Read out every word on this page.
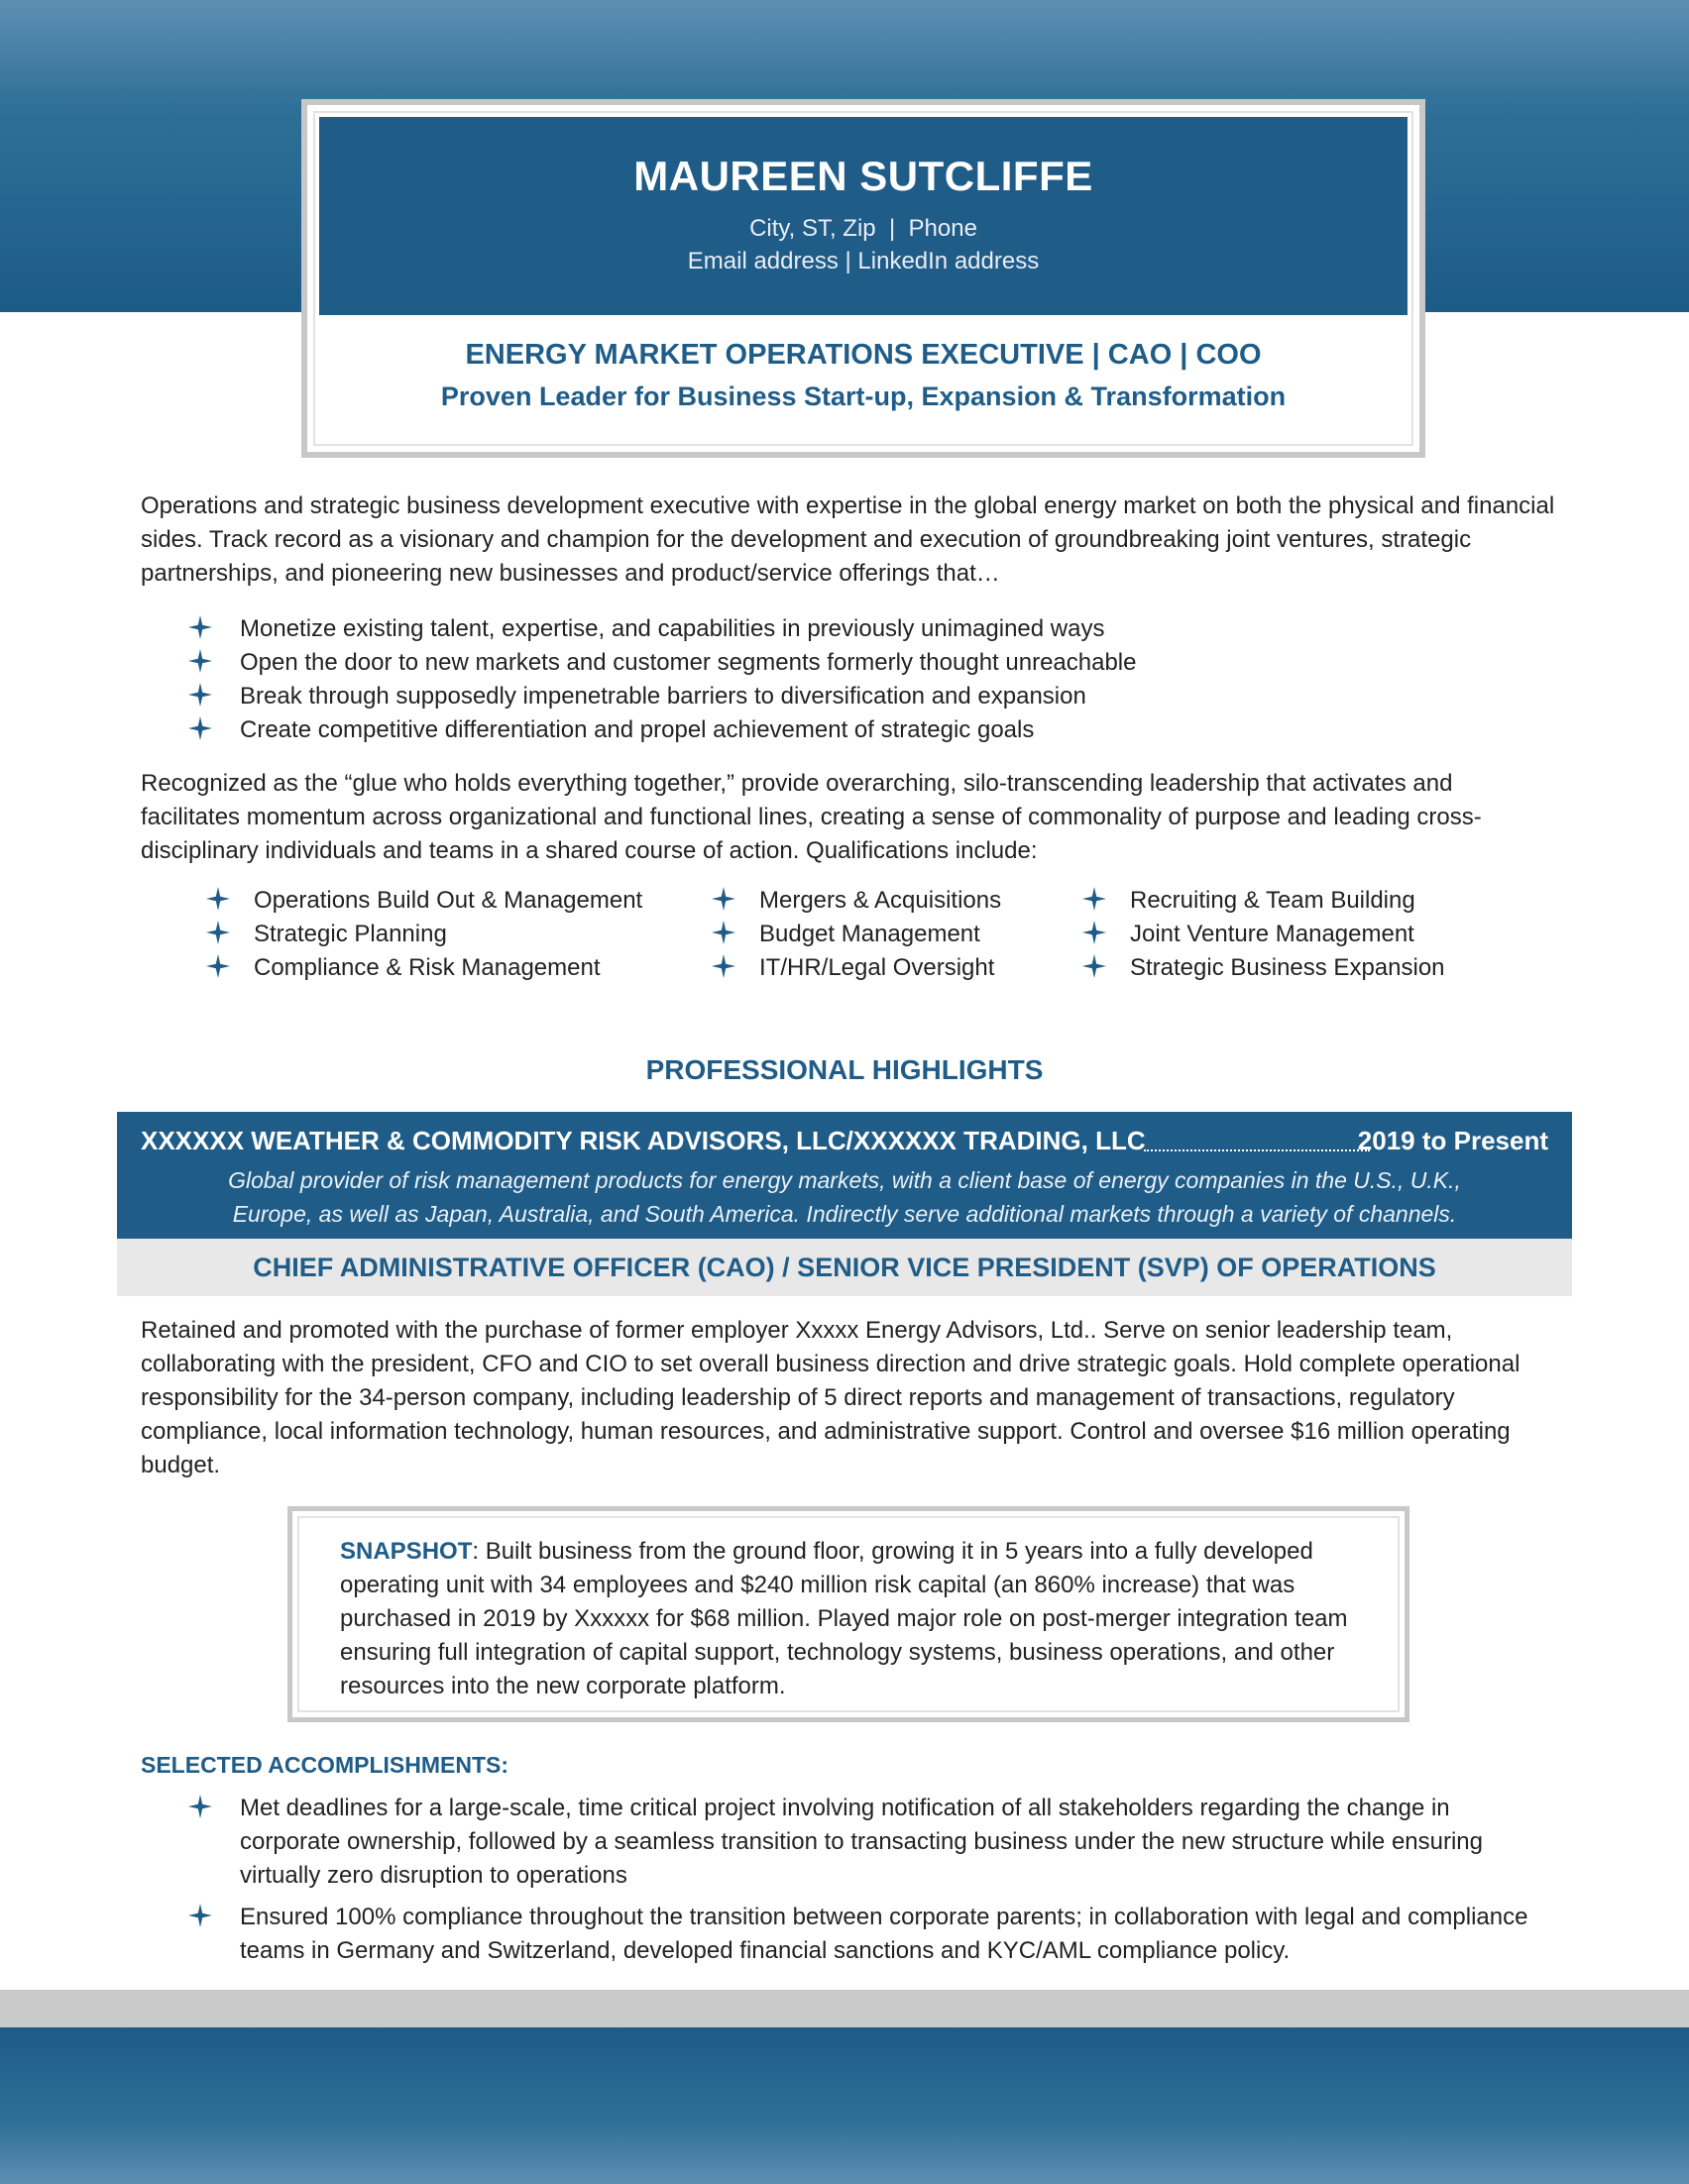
MAUREEN SUTCLIFFE
City, ST, Zip  |  Phone
Email address | LinkedIn address
ENERGY MARKET OPERATIONS EXECUTIVE | CAO | COO
Proven Leader for Business Start-up, Expansion & Transformation
Operations and strategic business development executive with expertise in the global energy market on both the physical and financial sides. Track record as a visionary and champion for the development and execution of groundbreaking joint ventures, strategic partnerships, and pioneering new businesses and product/service offerings that…
Monetize existing talent, expertise, and capabilities in previously unimagined ways
Open the door to new markets and customer segments formerly thought unreachable
Break through supposedly impenetrable barriers to diversification and expansion
Create competitive differentiation and propel achievement of strategic goals
Recognized as the “glue who holds everything together,” provide overarching, silo-transcending leadership that activates and facilitates momentum across organizational and functional lines, creating a sense of commonality of purpose and leading cross-disciplinary individuals and teams in a shared course of action. Qualifications include:
Operations Build Out & Management
Strategic Planning
Compliance & Risk Management
Mergers & Acquisitions
Budget Management
IT/HR/Legal Oversight
Recruiting & Team Building
Joint Venture Management
Strategic Business Expansion
PROFESSIONAL HIGHLIGHTS
XXXXXX WEATHER & COMMODITY RISK ADVISORS, LLC/XXXXXX TRADING, LLC	2019 to Present
Global provider of risk management products for energy markets, with a client base of energy companies in the U.S., U.K.,
Europe, as well as Japan, Australia, and South America. Indirectly serve additional markets through a variety of channels.
CHIEF ADMINISTRATIVE OFFICER (CAO) / SENIOR VICE PRESIDENT (SVP) OF OPERATIONS
Retained and promoted with the purchase of former employer Xxxxx Energy Advisors, Ltd.. Serve on senior leadership team, collaborating with the president, CFO and CIO to set overall business direction and drive strategic goals. Hold complete operational responsibility for the 34-person company, including leadership of 5 direct reports and management of transactions, regulatory compliance, local information technology, human resources, and administrative support. Control and oversee $16 million operating budget.
SNAPSHOT: Built business from the ground floor, growing it in 5 years into a fully developed operating unit with 34 employees and $240 million risk capital (an 860% increase) that was purchased in 2019 by Xxxxxx for $68 million. Played major role on post-merger integration team ensuring full integration of capital support, technology systems, business operations, and other resources into the new corporate platform.
SELECTED ACCOMPLISHMENTS:
Met deadlines for a large-scale, time critical project involving notification of all stakeholders regarding the change in corporate ownership, followed by a seamless transition to transacting business under the new structure while ensuring virtually zero disruption to operations
Ensured 100% compliance throughout the transition between corporate parents; in collaboration with legal and compliance teams in Germany and Switzerland, developed financial sanctions and KYC/AML compliance policy.
